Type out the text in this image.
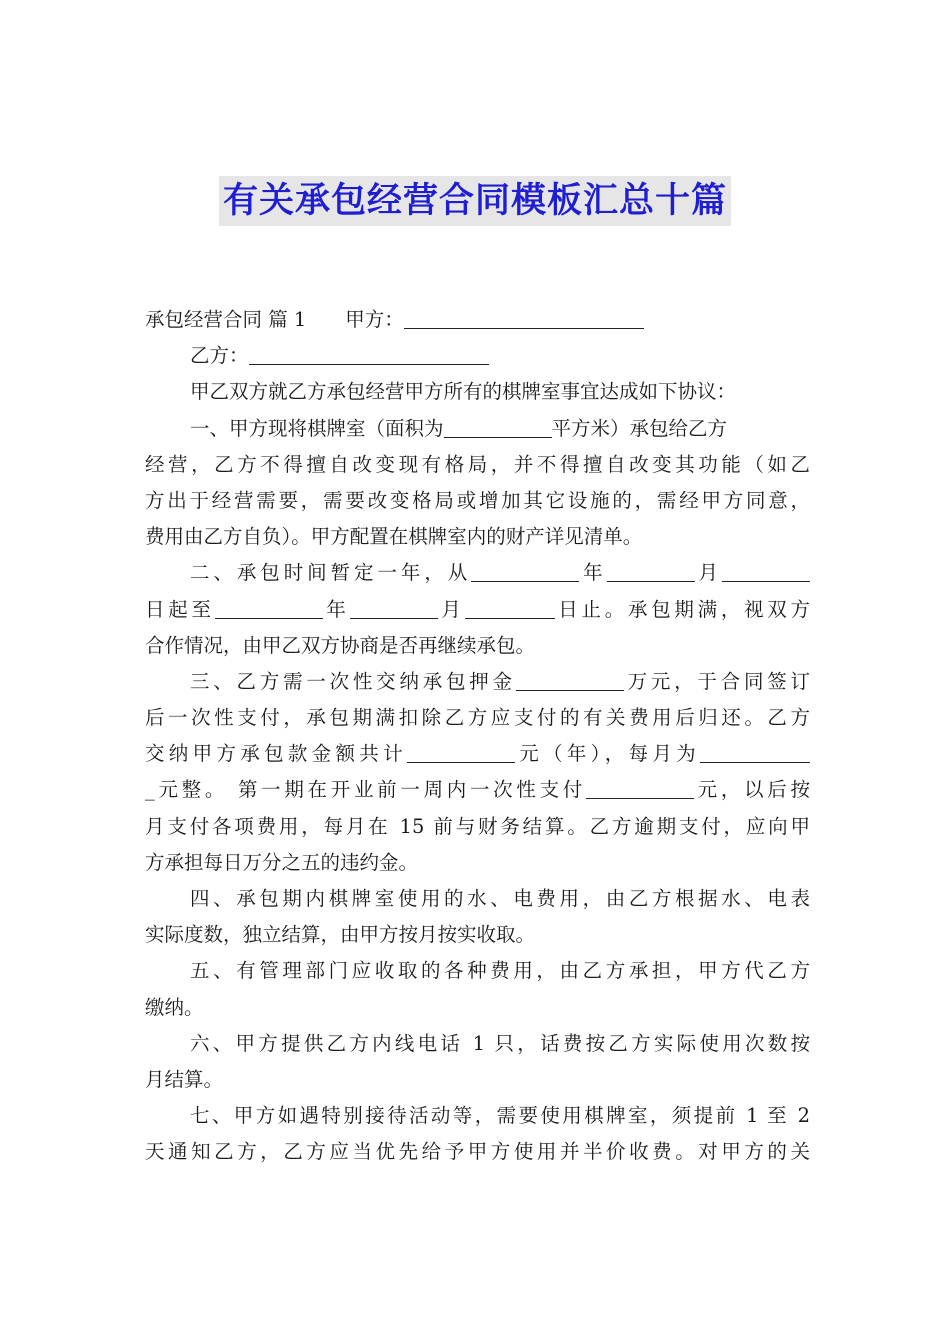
有关承包经营合同模板汇总十篇
承包经营合同 篇 1　　甲方：
乙方：
甲乙双方就乙方承包经营甲方所有的棋牌室事宜达成如下协议：
一、甲方现将棋牌室（面积为	平方米）承包给乙方
经营，乙方不得擅自改变现有格局，并不得擅自改变其功能（如乙
方出于经营需要，需要改变格局或增加其它设施的，需经甲方同意，
费用由乙方自负）。甲方配置在棋牌室内的财产详见清单。
二、承包时间暂定一年，从	年	月
日起至	年	月	日止。承包期满，视双方
合作情况，由甲乙双方协商是否再继续承包。
三、乙方需一次性交纳承包押金	万元，于合同签订
后一次性支付，承包期满扣除乙方应支付的有关费用后归还。乙方
交纳甲方承包款金额共计	元（年），每月为
_元整。 第一期在开业前一周内一次性支付	元，以后按
月支付各项费用，每月在 15 前与财务结算。乙方逾期支付，应向甲
方承担每日万分之五的违约金。
四、承包期内棋牌室使用的水、电费用，由乙方根据水、电表
实际度数，独立结算，由甲方按月按实收取。
五、有管理部门应收取的各种费用，由乙方承担，甲方代乙方
缴纳。
六、甲方提供乙方内线电话 1 只，话费按乙方实际使用次数按
月结算。
七、甲方如遇特别接待活动等，需要使用棋牌室，须提前 1 至 2
天通知乙方，乙方应当优先给予甲方使用并半价收费。对甲方的关
